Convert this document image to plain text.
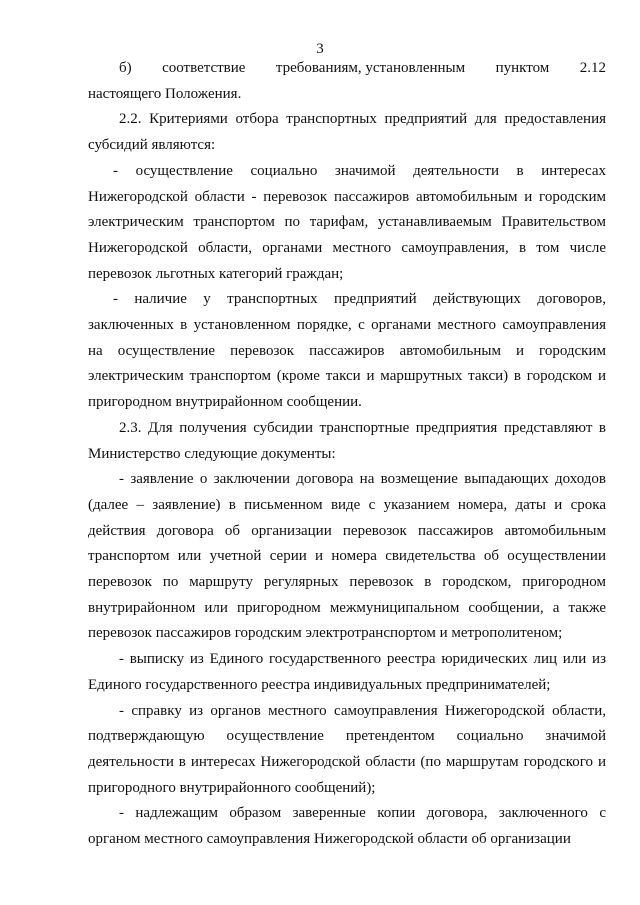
3
б) соответствие требованиям, установленным пунктом 2.12

настоящего Положения.

2.2. Критериями отбора транспортных предприятий для предоставления субсидий являются:

- осуществление социально значимой деятельности в интересах Нижегородской области - перевозок пассажиров автомобильным и городским электрическим транспортом по тарифам, устанавливаемым Правительством Нижегородской области, органами местного самоуправления, в том числе перевозок льготных категорий граждан;

- наличие у транспортных предприятий действующих договоров, заключенных в установленном порядке, с органами местного самоуправления на осуществление перевозок пассажиров автомобильным и городским электрическим транспортом (кроме такси и маршрутных такси) в городском и пригородном внутрирайонном сообщении.

2.3. Для получения субсидии транспортные предприятия представляют в Министерство следующие документы:

- заявление о заключении договора на возмещение выпадающих доходов (далее – заявление) в письменном виде с указанием номера, даты и срока действия договора об организации перевозок пассажиров автомобильным транспортом или учетной серии и номера свидетельства об осуществлении перевозок по маршруту регулярных перевозок в городском, пригородном внутрирайонном или пригородном межмуниципальном сообщении, а также перевозок пассажиров городским электротранспортом и метрополитеном;

- выписку из Единого государственного реестра юридических лиц или из Единого государственного реестра индивидуальных предпринимателей;

- справку из органов местного самоуправления Нижегородской области, подтверждающую осуществление претендентом социально значимой деятельности в интересах Нижегородской области (по маршрутам городского и пригородного внутрирайонного сообщений);

- надлежащим образом заверенные копии договора, заключенного с органом местного самоуправления Нижегородской области об организации
